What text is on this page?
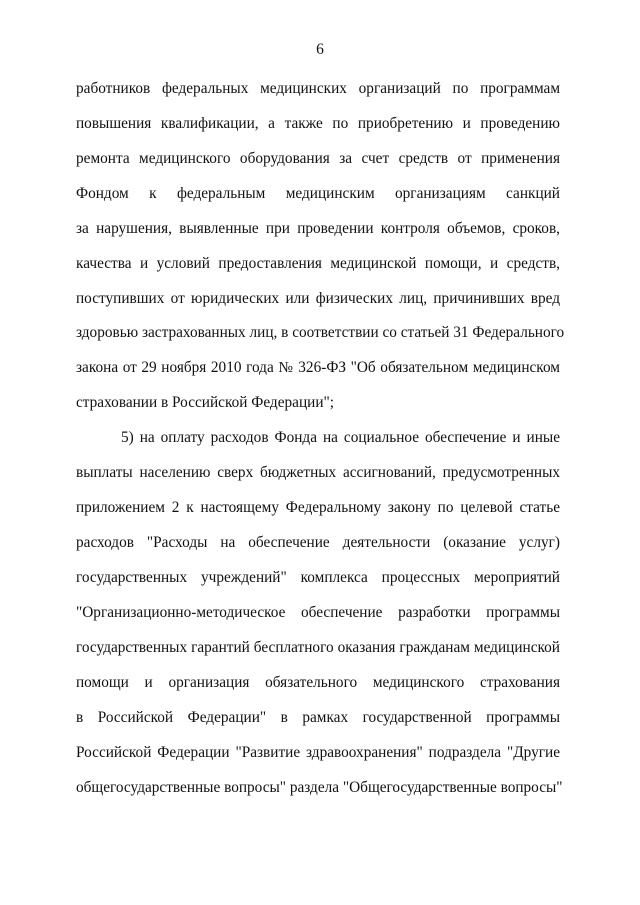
6
работников федеральных медицинских организаций по программам
повышения квалификации, а также по приобретению и проведению
ремонта медицинского оборудования за счет средств от применения
Фондом к федеральным медицинским организациям санкций
за нарушения, выявленные при проведении контроля объемов, сроков,
качества и условий предоставления медицинской помощи, и средств,
поступивших от юридических или физических лиц, причинивших вред
здоровью застрахованных лиц, в соответствии со статьей 31 Федерального
закона от 29 ноября 2010 года № 326-ФЗ "Об обязательном медицинском
страховании в Российской Федерации";
5) на оплату расходов Фонда на социальное обеспечение и иные
выплаты населению сверх бюджетных ассигнований, предусмотренных
приложением 2 к настоящему Федеральному закону по целевой статье
расходов "Расходы на обеспечение деятельности (оказание услуг)
государственных учреждений" комплекса процессных мероприятий
"Организационно-методическое обеспечение разработки программы
государственных гарантий бесплатного оказания гражданам медицинской
помощи и организация обязательного медицинского страхования
в Российской Федерации" в рамках государственной программы
Российской Федерации "Развитие здравоохранения" подраздела "Другие
общегосударственные вопросы" раздела "Общегосударственные вопросы"
